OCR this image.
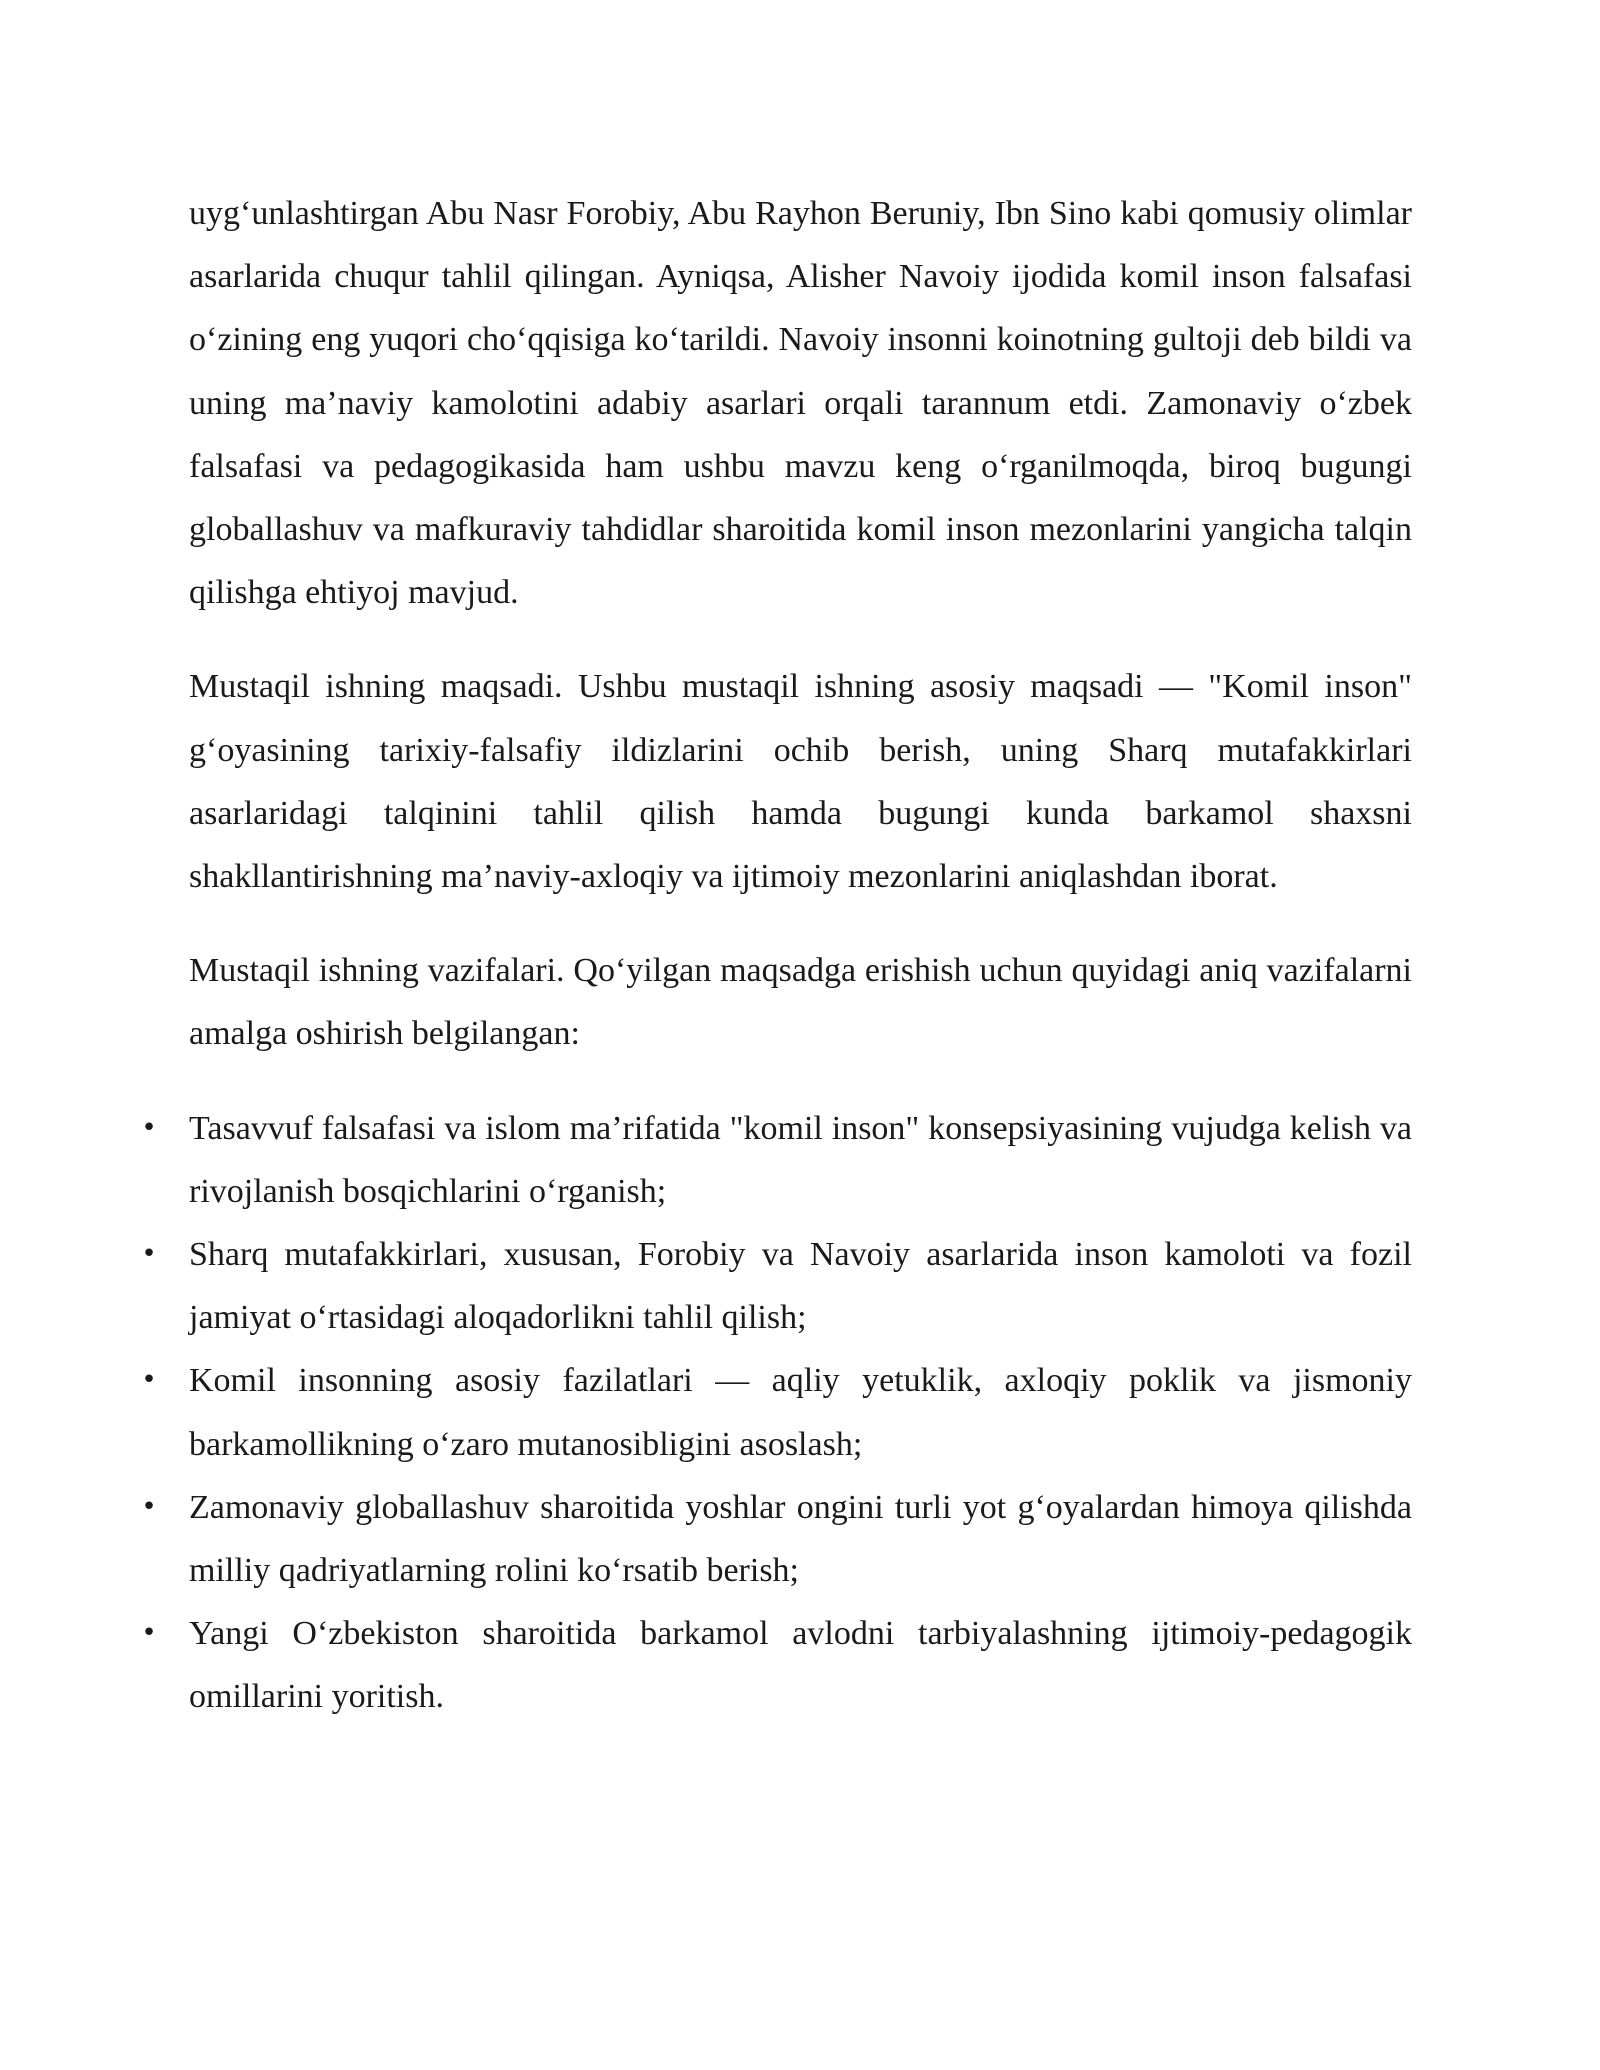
uyg‘unlashtirgan Abu Nasr Forobiy, Abu Rayhon Beruniy, Ibn Sino kabi qomusiy olimlar asarlarida chuqur tahlil qilingan. Ayniqsa, Alisher Navoiy ijodida komil inson falsafasi o‘zining eng yuqori cho‘qqisiga ko‘tarildi. Navoiy insonni koinotning gultoji deb bildi va uning ma’naviy kamolotini adabiy asarlari orqali tarannum etdi. Zamonaviy o‘zbek falsafasi va pedagogikasida ham ushbu mavzu keng o‘rganilmoqda, biroq bugungi globallashuv va mafkuraviy tahdidlar sharoitida komil inson mezonlarini yangicha talqin qilishga ehtiyoj mavjud.

Mustaqil ishning maqsadi. Ushbu mustaqil ishning asosiy maqsadi — "Komil inson" g‘oyasining tarixiy-falsafiy ildizlarini ochib berish, uning Sharq mutafakkirlari asarlaridagi talqinini tahlil qilish hamda bugungi kunda barkamol shaxsni shakllantirishning ma’naviy-axloqiy va ijtimoiy mezonlarini aniqlashdan iborat.

Mustaqil ishning vazifalari. Qo‘yilgan maqsadga erishish uchun quyidagi aniq vazifalarni amalga oshirish belgilangan:

• Tasavvuf falsafasi va islom ma’rifatida "komil inson" konsepsiyasining vujudga kelish va rivojlanish bosqichlarini o‘rganish;
• Sharq mutafakkirlari, xususan, Forobiy va Navoiy asarlarida inson kamoloti va fozil jamiyat o‘rtasidagi aloqadorlikni tahlil qilish;
• Komil insonning asosiy fazilatlari — aqliy yetuklik, axloqiy poklik va jismoniy barkamollikning o‘zaro mutanosibligini asoslash;
• Zamonaviy globallashuv sharoitida yoshlar ongini turli yot g‘oyalardan himoya qilishda milliy qadriyatlarning rolini ko‘rsatib berish;
• Yangi O‘zbekiston sharoitida barkamol avlodni tarbiyalashning ijtimoiy-pedagogik omillarini yoritish.
